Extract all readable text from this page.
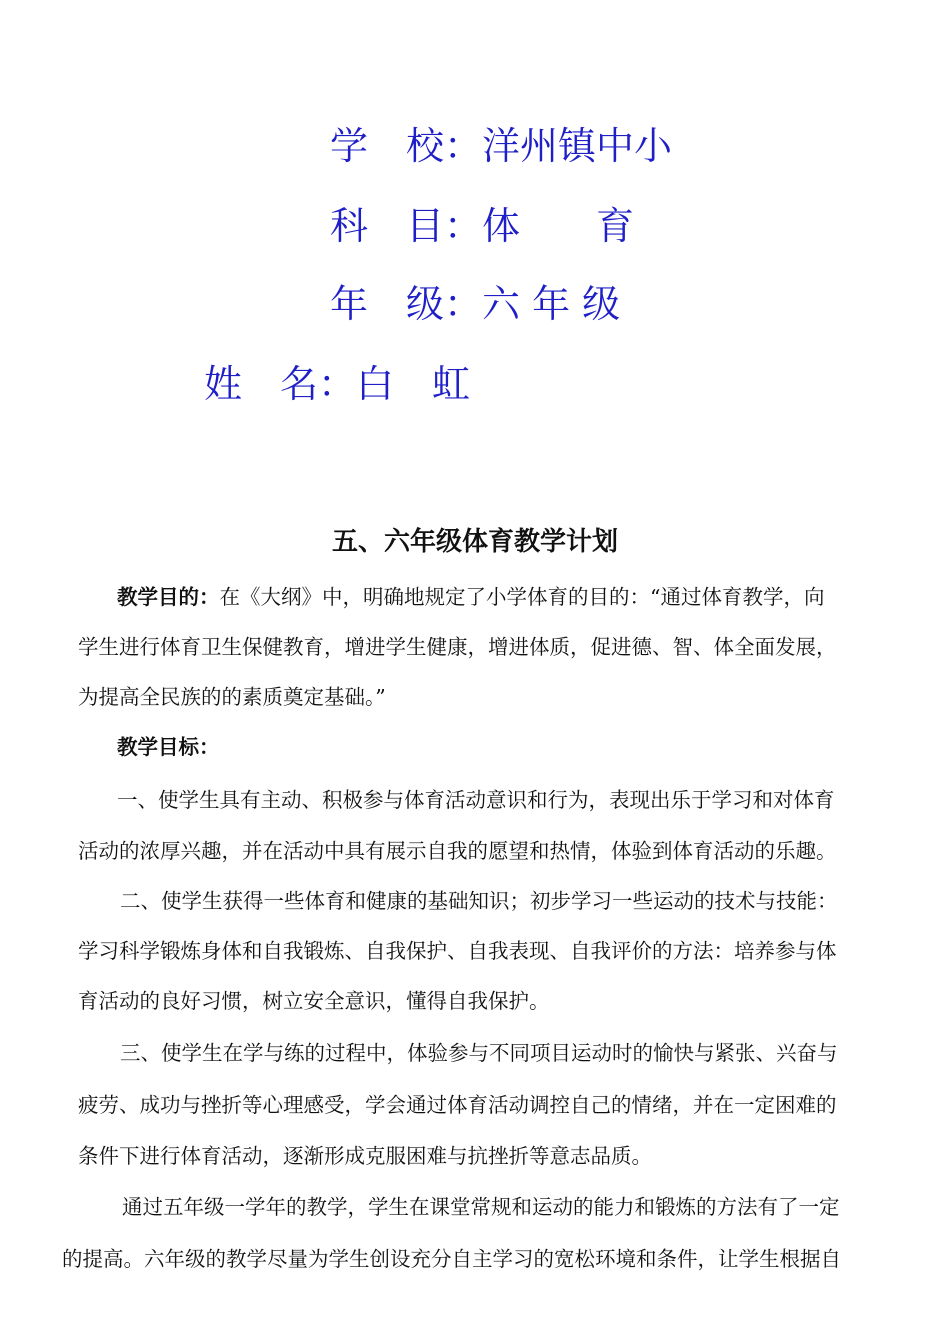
学　校：洋州镇中小
科　目：体　　育
年　级：六 年 级
姓　名：白　虹
五、六年级体育教学计划
教学目的：在《大纲》中，明确地规定了小学体育的目的：“通过体育教学，向
学生进行体育卫生保健教育，增进学生健康，增进体质，促进德、智、体全面发展，
为提高全民族的的素质奠定基础。”
教学目标：
一、使学生具有主动、积极参与体育活动意识和行为，表现出乐于学习和对体育
活动的浓厚兴趣，并在活动中具有展示自我的愿望和热情，体验到体育活动的乐趣。
二、使学生获得一些体育和健康的基础知识；初步学习一些运动的技术与技能：
学习科学锻炼身体和自我锻炼、自我保护、自我表现、自我评价的方法：培养参与体
育活动的良好习惯，树立安全意识，懂得自我保护。
三、使学生在学与练的过程中，体验参与不同项目运动时的愉快与紧张、兴奋与
疲劳、成功与挫折等心理感受，学会通过体育活动调控自己的情绪，并在一定困难的
条件下进行体育活动，逐渐形成克服困难与抗挫折等意志品质。
通过五年级一学年的教学，学生在课堂常规和运动的能力和锻炼的方法有了一定
的提高。六年级的教学尽量为学生创设充分自主学习的宽松环境和条件，让学生根据自
